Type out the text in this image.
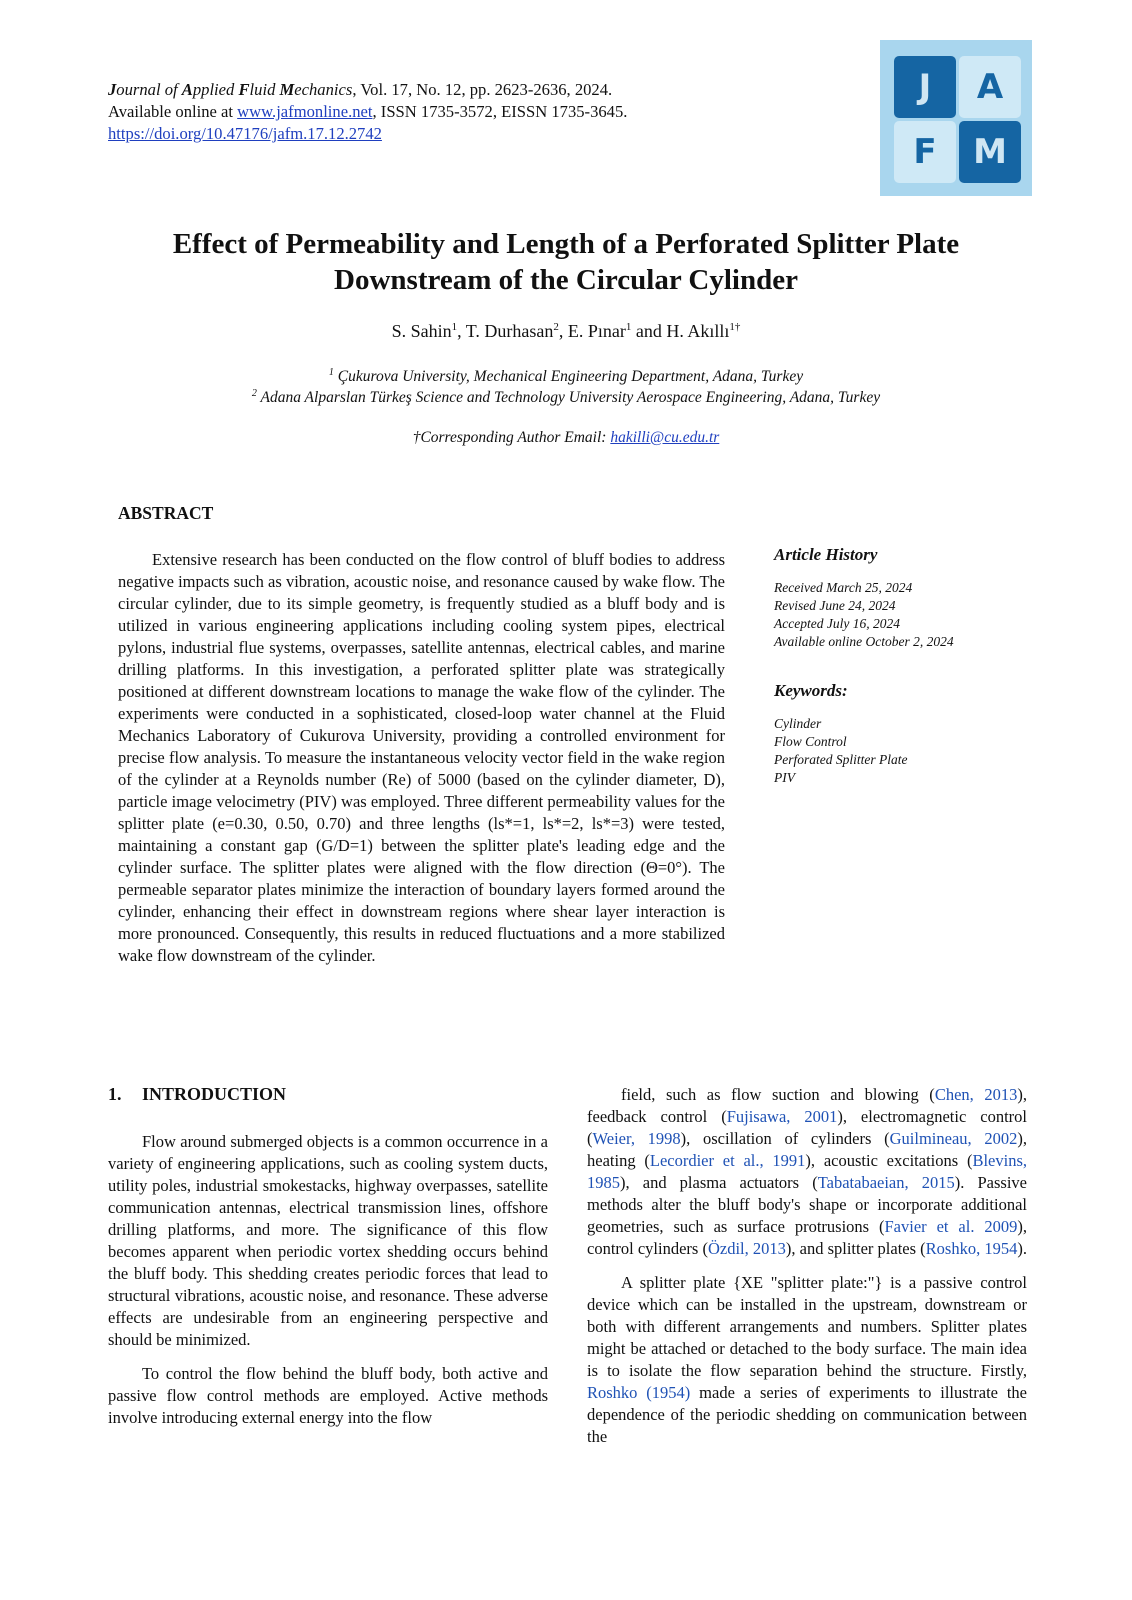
Journal of Applied Fluid Mechanics, Vol. 17, No. 12, pp. 2623-2636, 2024.
Available online at www.jafmonline.net, ISSN 1735-3572, EISSN 1735-3645.
https://doi.org/10.47176/jafm.17.12.2742
J	A
F	M
Effect of Permeability and Length of a Perforated Splitter Plate
Downstream of the Circular Cylinder
S. Sahin$^1$, T. Durhasan$^2$, E. Pınar$^1$ and H. Akıllı$^{1\dagger}$
$^1$ Çukurova University, Mechanical Engineering Department, Adana, Turkey
$^2$ Adana Alparslan Türkeş Science and Technology University Aerospace Engineering, Adana, Turkey
†Corresponding Author Email: hakilli@cu.edu.tr
ABSTRACT
Extensive research has been conducted on the flow control of bluff bodies to address negative impacts such as vibration, acoustic noise, and resonance caused by wake flow. The circular cylinder, due to its simple geometry, is frequently studied as a bluff body and is utilized in various engineering applications including cooling system pipes, electrical pylons, industrial flue systems, overpasses, satellite antennas, electrical cables, and marine drilling platforms. In this investigation, a perforated splitter plate was strategically positioned at different downstream locations to manage the wake flow of the cylinder. The experiments were conducted in a sophisticated, closed-loop water channel at the Fluid Mechanics Laboratory of Cukurova University, providing a controlled environment for precise flow analysis. To measure the instantaneous velocity vector field in the wake region of the cylinder at a Reynolds number (Re) of 5000 (based on the cylinder diameter, D), particle image velocimetry (PIV) was employed. Three different permeability values for the splitter plate (e=0.30, 0.50, 0.70) and three lengths (ls*=1, ls*=2, ls*=3) were tested, maintaining a constant gap (G/D=1) between the splitter plate's leading edge and the cylinder surface. The splitter plates were aligned with the flow direction (Θ=0°). The permeable separator plates minimize the interaction of boundary layers formed around the cylinder, enhancing their effect in downstream regions where shear layer interaction is more pronounced. Consequently, this results in reduced fluctuations and a more stabilized wake flow downstream of the cylinder.
Article History
Received March 25, 2024
Revised June 24, 2024
Accepted July 16, 2024
Available online October 2, 2024
Keywords:
Cylinder
Flow Control
Perforated Splitter Plate
PIV
1. INTRODUCTION

Flow around submerged objects is a common occurrence in a variety of engineering applications, such as cooling system ducts, utility poles, industrial smokestacks, highway overpasses, satellite communication antennas, electrical transmission lines, offshore drilling platforms, and more. The significance of this flow becomes apparent when periodic vortex shedding occurs behind the bluff body. This shedding creates periodic forces that lead to structural vibrations, acoustic noise, and resonance. These adverse effects are undesirable from an engineering perspective and should be minimized.

To control the flow behind the bluff body, both active and passive flow control methods are employed. Active methods involve introducing external energy into the flow

field, such as flow suction and blowing (Chen, 2013), feedback control (Fujisawa, 2001), electromagnetic control (Weier, 1998), oscillation of cylinders (Guilmineau, 2002), heating (Lecordier et al., 1991), acoustic excitations (Blevins, 1985), and plasma actuators (Tabatabaeian, 2015). Passive methods alter the bluff body's shape or incorporate additional geometries, such as surface protrusions (Favier et al. 2009), control cylinders (Özdil, 2013), and splitter plates (Roshko, 1954).

A splitter plate {XE "splitter plate:"} is a passive control device which can be installed in the upstream, downstream or both with different arrangements and numbers. Splitter plates might be attached or detached to the body surface. The main idea is to isolate the flow separation behind the structure. Firstly, Roshko (1954) made a series of experiments to illustrate the dependence of the periodic shedding on communication between the
